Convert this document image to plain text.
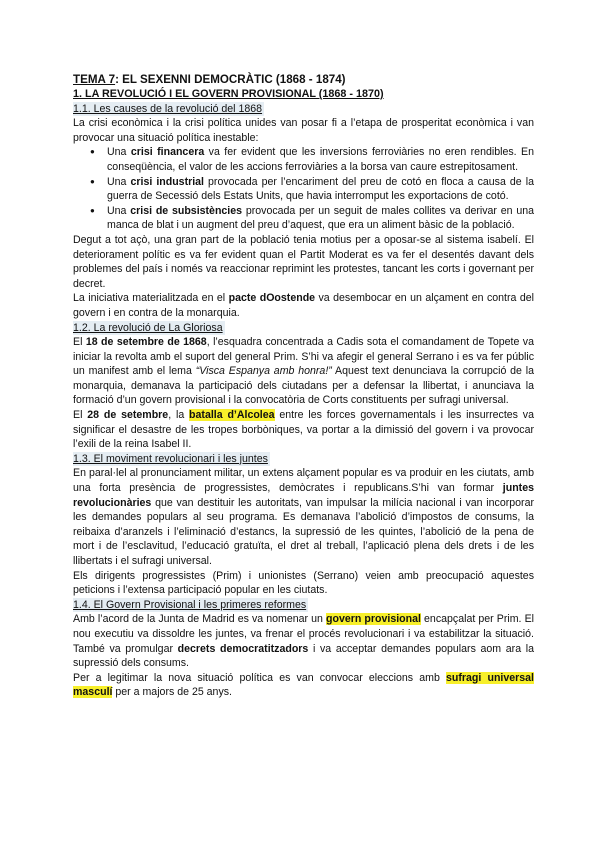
TEMA 7: EL SEXENNI DEMOCRÀTIC (1868 - 1874)
1. LA REVOLUCIÓ I EL GOVERN PROVISIONAL (1868 - 1870)
1.1. Les causes de la revolució del 1868

La crisi econòmica i la crisi política unides van posar fi a l’etapa de prosperitat econòmica i van provocar una situació política inestable:

● Una crisi financera va fer evident que les inversions ferroviàries no eren rendibles. En conseqüència, el valor de les accions ferroviàries a la borsa van caure estrepitosament.
● Una crisi industrial provocada per l’encariment del preu de cotó en floca a causa de la guerra de Secessió dels Estats Units, que havia interromput les exportacions de cotó.
● Una crisi de subsistències provocada per un seguit de males collites va derivar en una manca de blat i un augment del preu d’aquest, que era un aliment bàsic de la població.

Degut a tot açò, una gran part de la població tenia motius per a oposar-se al sistema isabelí. El deteriorament polític es va fer evident quan el Partit Moderat es va fer el desentés davant dels problemes del país i només va reaccionar reprimint les protestes, tancant les corts i governant per decret.

La iniciativa materialitzada en el pacte dOostende va desembocar en un alçament en contra del govern i en contra de la monarquia.

1.2. La revolució de La Gloriosa

El 18 de setembre de 1868, l’esquadra concentrada a Cadis sota el comandament de Topete va iniciar la revolta amb el suport del general Prim. S’hi va afegir el general Serrano i es va fer públic un manifest amb el lema “Visca Espanya amb honra!” Aquest text denunciava la corrupció de la monarquia, demanava la participació dels ciutadans per a defensar la llibertat, i anunciava la formació d’un govern provisional i la convocatòria de Corts constituents per sufragi universal.

El 28 de setembre, la batalla d’Alcolea entre les forces governamentals i les insurrectes va significar el desastre de les tropes borbòniques, va portar a la dimissió del govern i va provocar l’exili de la reina Isabel II.

1.3. El moviment revolucionari i les juntes

En paral·lel al pronunciament militar, un extens alçament popular es va produir en les ciutats, amb una forta presència de progressistes, demòcrates i republicans.S’hi van formar juntes revolucionàries que van destituir les autoritats, van impulsar la milícia nacional i van incorporar les demandes populars al seu programa. Es demanava l’abolició d’impostos de consums, la reibaixa d’aranzels i l’eliminació d’estancs, la supressió de les quintes, l’abolició de la pena de mort i de l’esclavitud, l’educació gratuïta, el dret al treball, l’aplicació plena dels drets i de les llibertats i el sufragi universal.

Els dirigents progressistes (Prim) i unionistes (Serrano) veien amb preocupació aquestes peticions i l’extensa participació popular en les ciutats.

1.4. El Govern Provisional i les primeres reformes

Amb l’acord de la Junta de Madrid es va nomenar un govern provisional encapçalat per Prim. El nou executiu va dissoldre les juntes, va frenar el procés revolucionari i va estabilitzar la situació. També va promulgar decrets democratitzadors i va acceptar demandes populars aom ara la supressió dels consums.

Per a legitimar la nova situació política es van convocar eleccions amb sufragi universal masculí per a majors de 25 anys.
